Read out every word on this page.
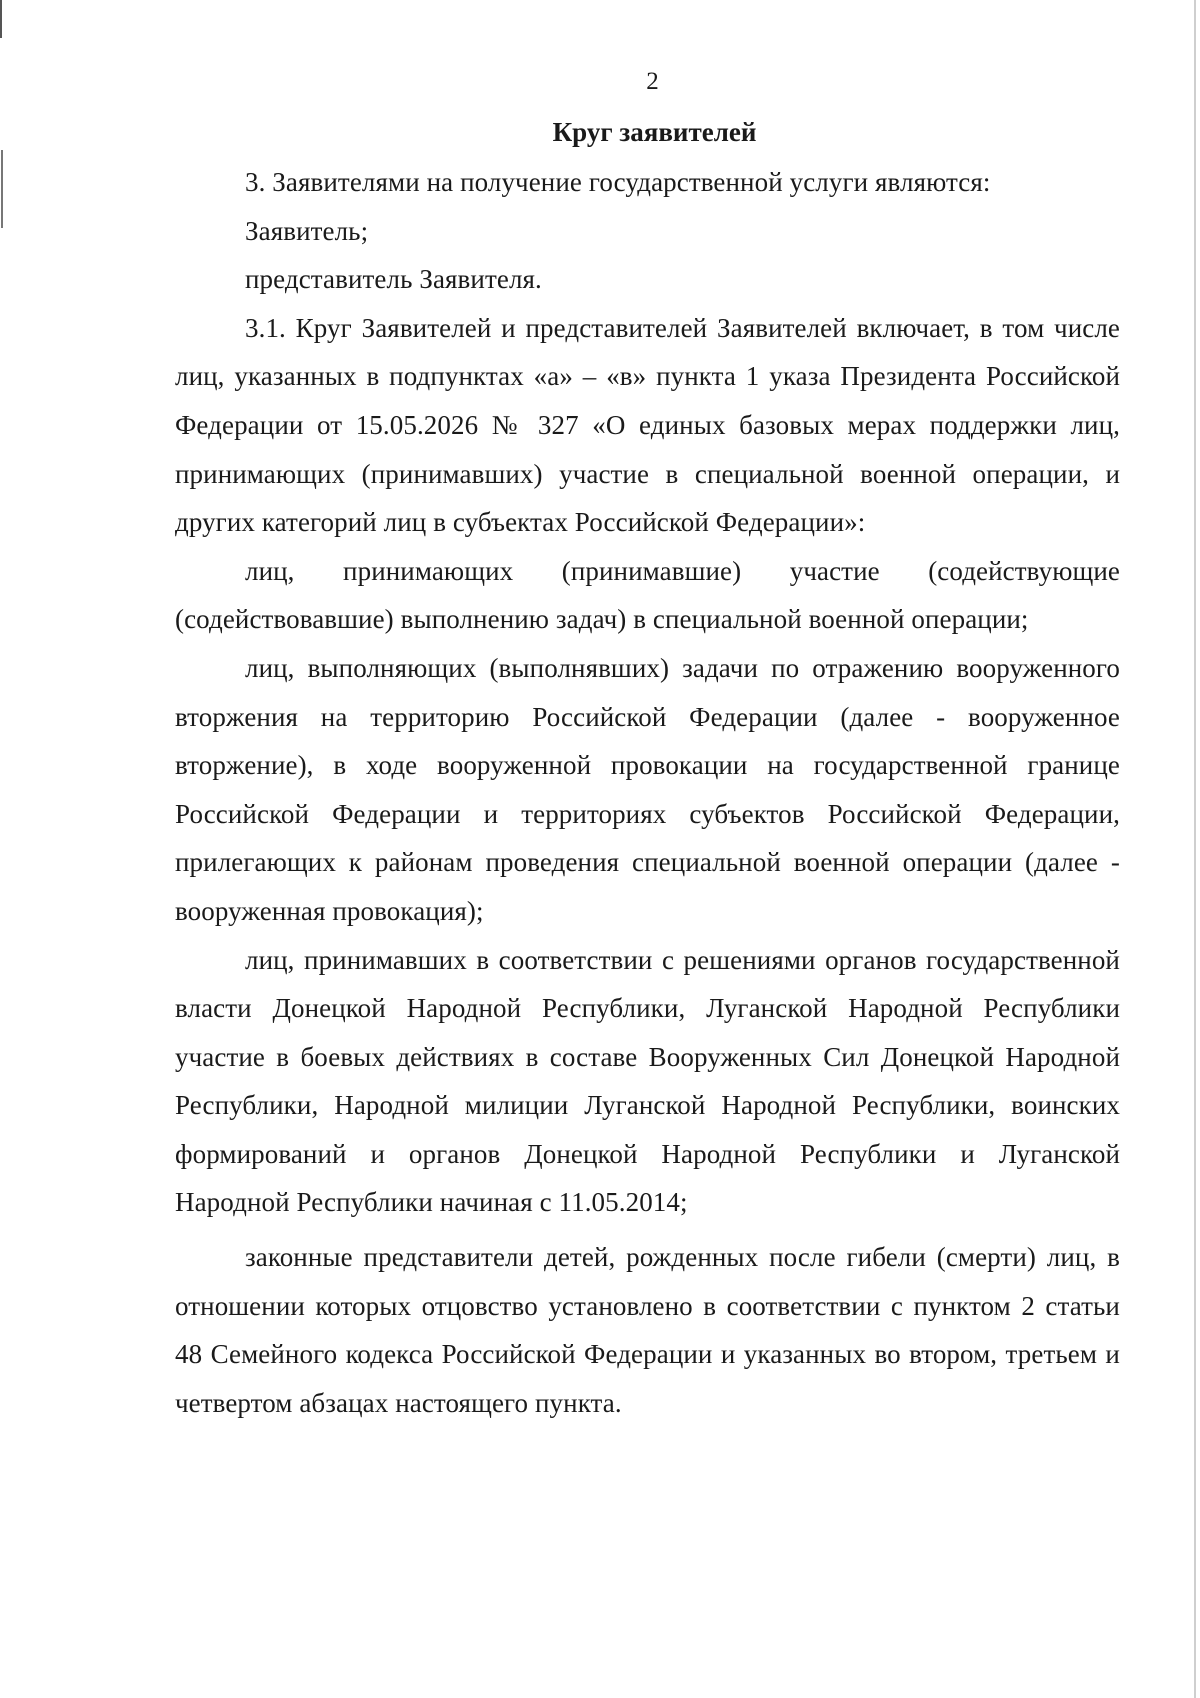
2
Круг заявителей

3. Заявителями на получение государственной услуги являются:

Заявитель;

представитель Заявителя.

3.1. Круг Заявителей и представителей Заявителей включает, в том числе лиц, указанных в подпунктах «а» – «в» пункта 1 указа Президента Российской Федерации от 15.05.2026 № 327 «О единых базовых мерах поддержки лиц, принимающих (принимавших) участие в специальной военной операции, и других категорий лиц в субъектах Российской Федерации»:

лиц, принимающих (принимавшие) участие (содействующие (содействовавшие) выполнению задач) в специальной военной операции;

лиц, выполняющих (выполнявших) задачи по отражению вооруженного вторжения на территорию Российской Федерации (далее - вооруженное вторжение), в ходе вооруженной провокации на государственной границе Российской Федерации и территориях субъектов Российской Федерации, прилегающих к районам проведения специальной военной операции (далее - вооруженная провокация);

лиц, принимавших в соответствии с решениями органов государственной власти Донецкой Народной Республики, Луганской Народной Республики участие в боевых действиях в составе Вооруженных Сил Донецкой Народной Республики, Народной милиции Луганской Народной Республики, воинских формирований и органов Донецкой Народной Республики и Луганской Народной Республики начиная с 11.05.2014;

законные представители детей, рожденных после гибели (смерти) лиц, в отношении которых отцовство установлено в соответствии с пунктом 2 статьи 48 Семейного кодекса Российской Федерации и указанных во втором, третьем и четвертом абзацах настоящего пункта.
